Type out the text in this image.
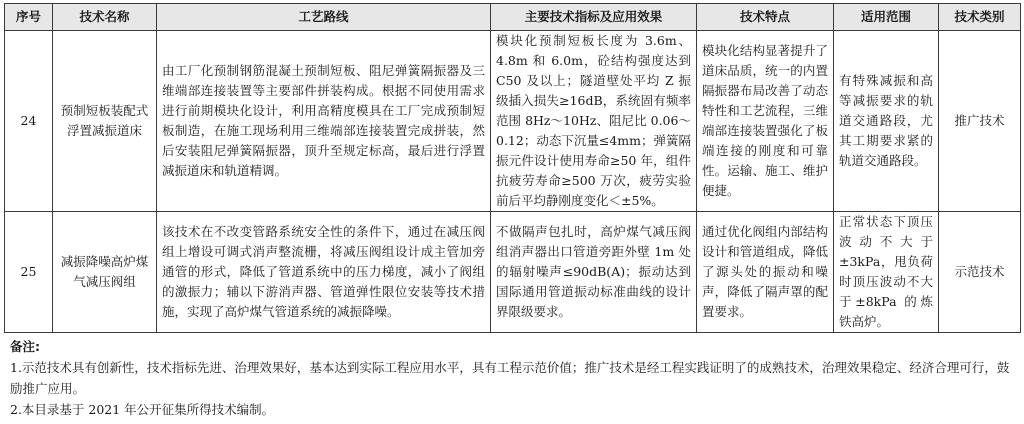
序号	技术名称	工艺路线	主要技术指标及应用效果	技术特点	适用范围	技术类别
24	预制短板装配式浮置减振道床	由工厂化预制钢筋混凝土预制短板、阻尼弹簧隔振器及三维端部连接装置等主要部件拼装构成。根据不同使用需求进行前期模块化设计，利用高精度模具在工厂完成预制短板制造，在施工现场利用三维端部连接装置完成拼装，然后安装阻尼弹簧隔振器，顶升至规定标高，最后进行浮置减振道床和轨道精调。	模块化预制短板长度为 3.6m、4.8m 和 6.0m，砼结构强度达到 C50 及以上；隧道壁处平均 Z 振级插入损失≥16dB，系统固有频率范围 8Hz～10Hz、阻尼比 0.06～0.12；动态下沉量≤4mm；弹簧隔振元件设计使用寿命≥50 年，组件抗疲劳寿命≥500 万次，疲劳实验前后平均静刚度变化＜±5%。	模块化结构显著提升了道床品质，统一的内置隔振器布局改善了动态特性和工艺流程，三维端部连接装置强化了板端连接的刚度和可靠性。运输、施工、维护便捷。	有特殊减振和高等减振要求的轨道交通路段，尤其工期要求紧的轨道交通路段。	推广技术
25	减振降噪高炉煤气减压阀组	该技术在不改变管路系统安全性的条件下，通过在减压阀组上增设可调式消声整流栅，将减压阀组设计成主管加旁通管的形式，降低了管道系统中的压力梯度，减小了阀组的激振力；辅以下游消声器、管道弹性限位安装等技术措施，实现了高炉煤气管道系统的减振降噪。	不做隔声包扎时，高炉煤气减压阀组消声器出口管道旁距外壁 1m 处的辐射噪声≤90dB(A)；振动达到国际通用管道振动标准曲线的设计界限级要求。	通过优化阀组内部结构设计和管道组成，降低了源头处的振动和噪声，降低了隔声罩的配置要求。	正常状态下顶压波动不大于±3kPa，甩负荷时顶压波动不大于±8kPa 的炼铁高炉。	示范技术

备注:

1.示范技术具有创新性，技术指标先进、治理效果好，基本达到实际工程应用水平，具有工程示范价值；推广技术是经工程实践证明了的成熟技术，治理效果稳定、经济合理可行，鼓励推广应用。

2.本目录基于 2021 年公开征集所得技术编制。
